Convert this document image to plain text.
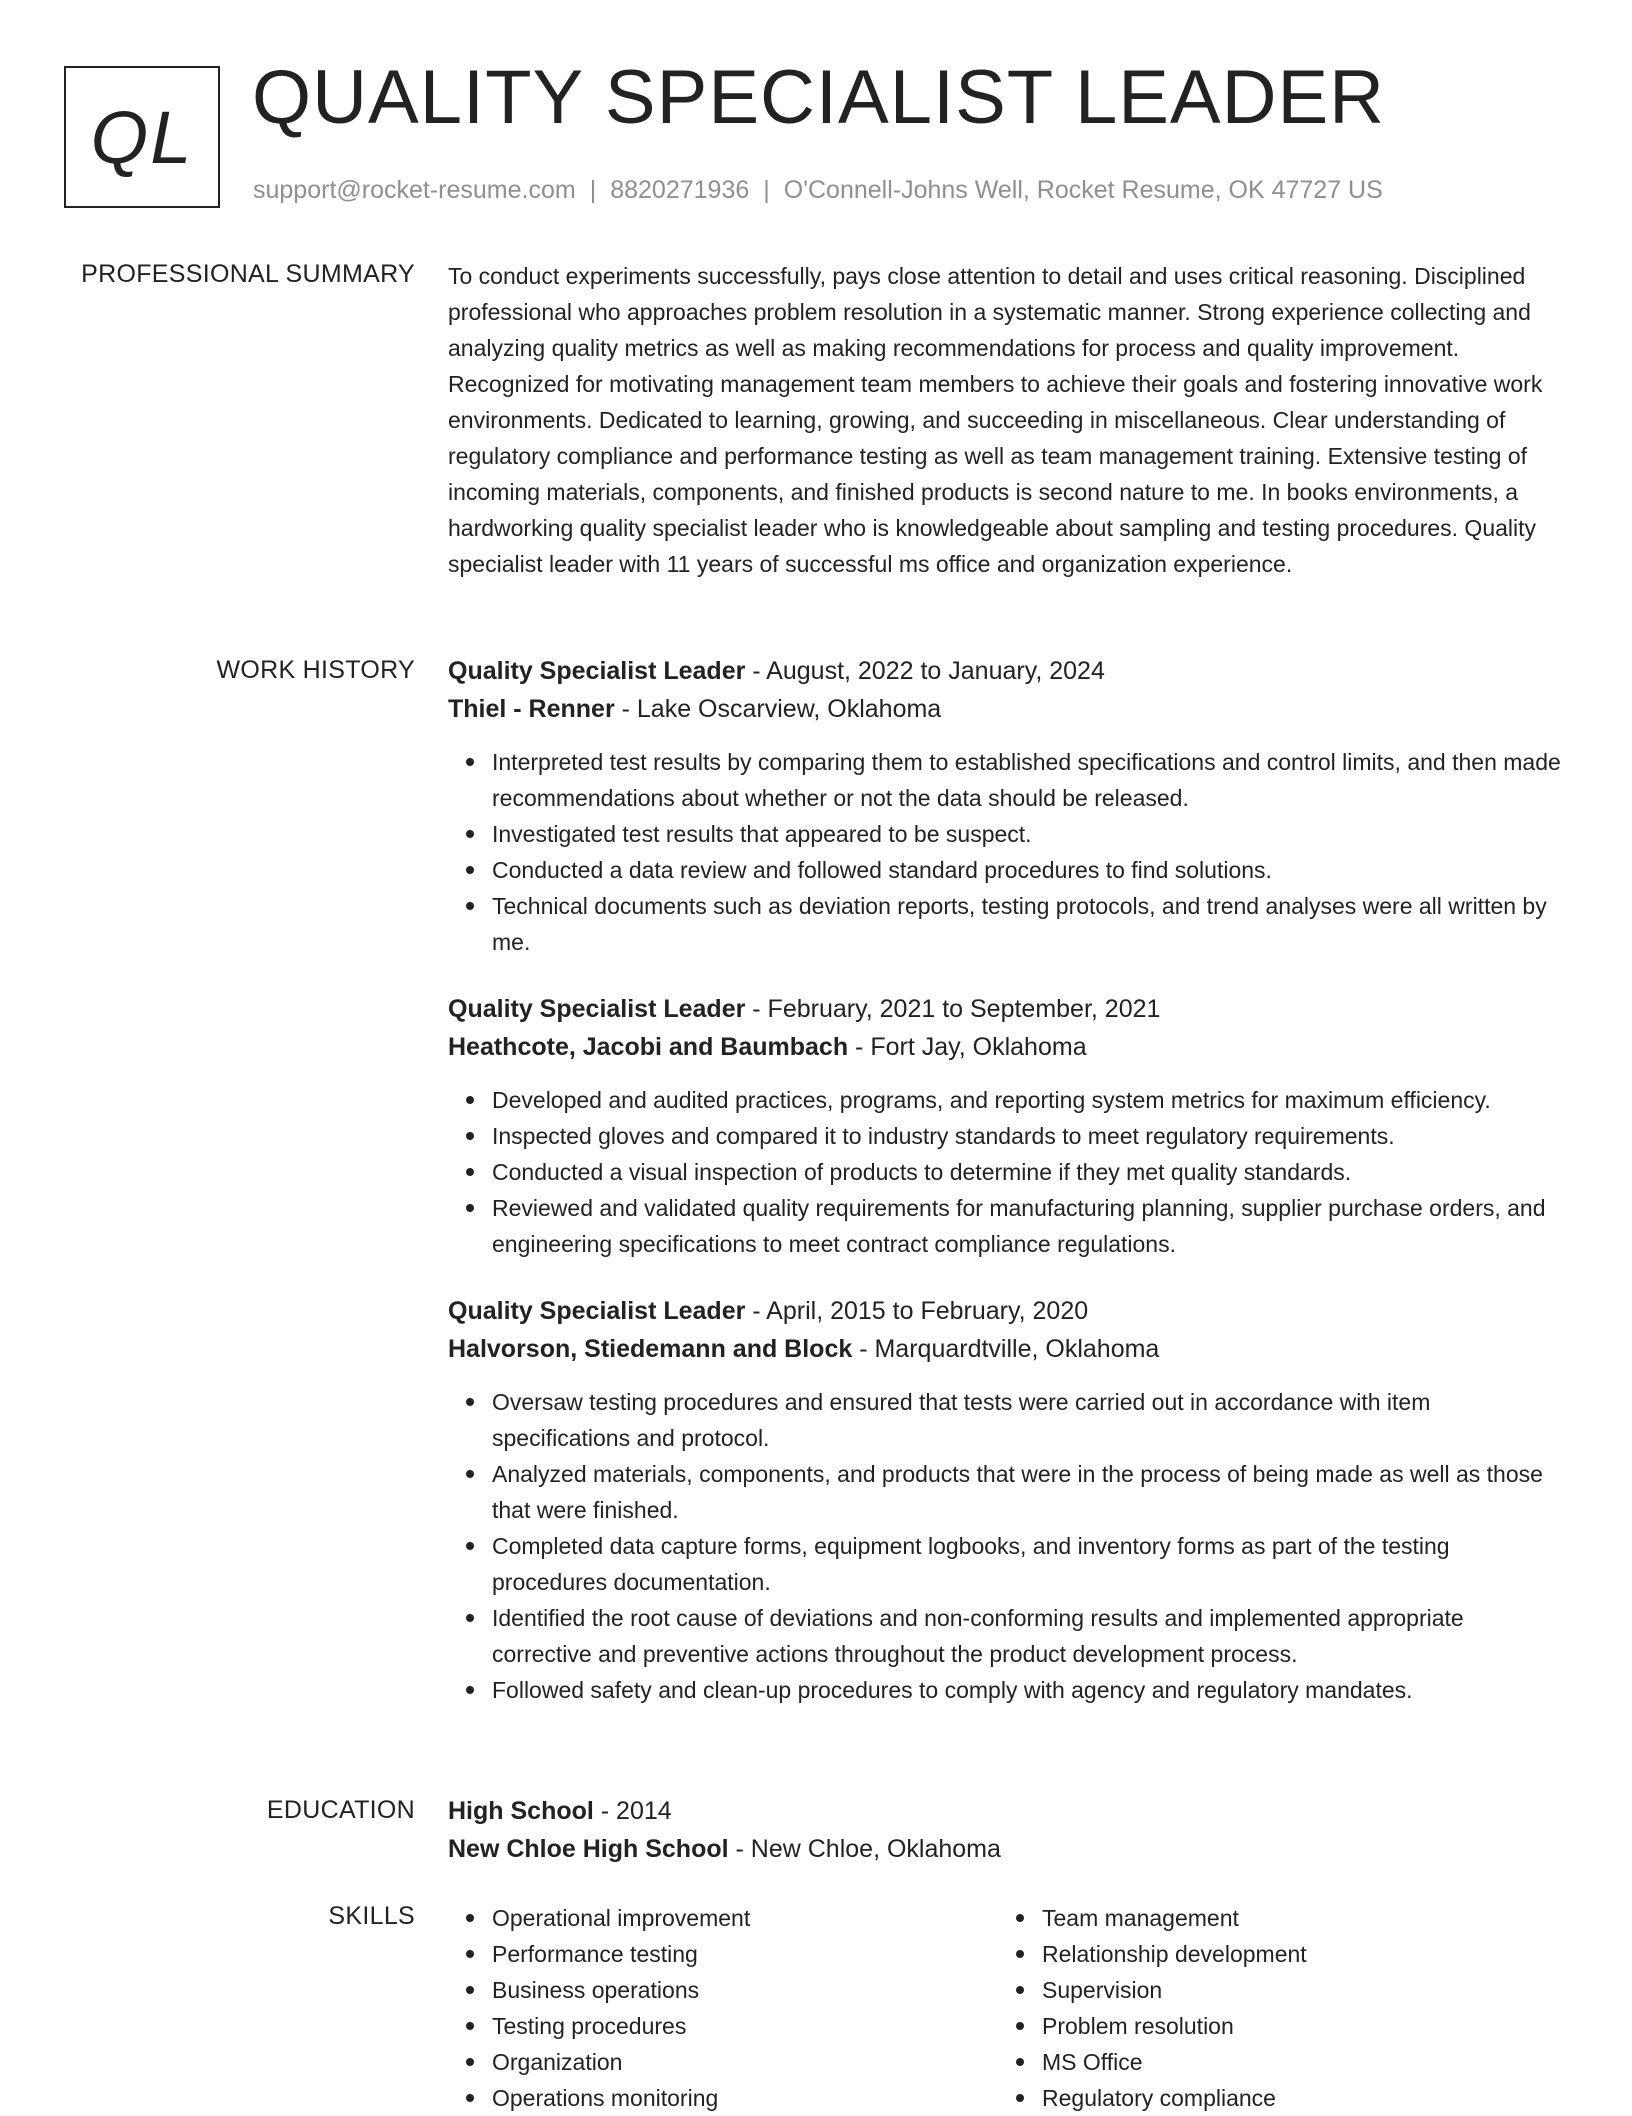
QL QUALITY SPECIALIST LEADER
support@rocket-resume.com | 8820271936 | O'Connell-Johns Well, Rocket Resume, OK 47727 US
PROFESSIONAL SUMMARY To conduct experiments successfully, pays close attention to detail and uses critical reasoning. Disciplined professional who approaches problem resolution in a systematic manner. Strong experience collecting and analyzing quality metrics as well as making recommendations for process and quality improvement. Recognized for motivating management team members to achieve their goals and fostering innovative work environments. Dedicated to learning, growing, and succeeding in miscellaneous. Clear understanding of regulatory compliance and performance testing as well as team management training. Extensive testing of incoming materials, components, and finished products is second nature to me. In books environments, a hardworking quality specialist leader who is knowledgeable about sampling and testing procedures. Quality specialist leader with 11 years of successful ms office and organization experience.

WORK HISTORY Quality Specialist Leader - August, 2022 to January, 2024
Thiel - Renner - Lake Oscarview, Oklahoma
Interpreted test results by comparing them to established specifications and control limits, and then made recommendations about whether or not the data should be released.
Investigated test results that appeared to be suspect.
Conducted a data review and followed standard procedures to find solutions.
Technical documents such as deviation reports, testing protocols, and trend analyses were all written by me.
Quality Specialist Leader - February, 2021 to September, 2021
Heathcote, Jacobi and Baumbach - Fort Jay, Oklahoma
Developed and audited practices, programs, and reporting system metrics for maximum efficiency.
Inspected gloves and compared it to industry standards to meet regulatory requirements.
Conducted a visual inspection of products to determine if they met quality standards.
Reviewed and validated quality requirements for manufacturing planning, supplier purchase orders, and engineering specifications to meet contract compliance regulations.
Quality Specialist Leader - April, 2015 to February, 2020
Halvorson, Stiedemann and Block - Marquardtville, Oklahoma
Oversaw testing procedures and ensured that tests were carried out in accordance with item specifications and protocol.
Analyzed materials, components, and products that were in the process of being made as well as those that were finished.
Completed data capture forms, equipment logbooks, and inventory forms as part of the testing procedures documentation.
Identified the root cause of deviations and non-conforming results and implemented appropriate corrective and preventive actions throughout the product development process.
Followed safety and clean-up procedures to comply with agency and regulatory mandates.
EDUCATION High School - 2014
New Chloe High School - New Chloe, Oklahoma
SKILLS	Operational improvement
Performance testing
Business operations
Testing procedures
Organization
Operations monitoring
Team management
Relationship development
Supervision
Problem resolution
MS Office
Regulatory compliance
